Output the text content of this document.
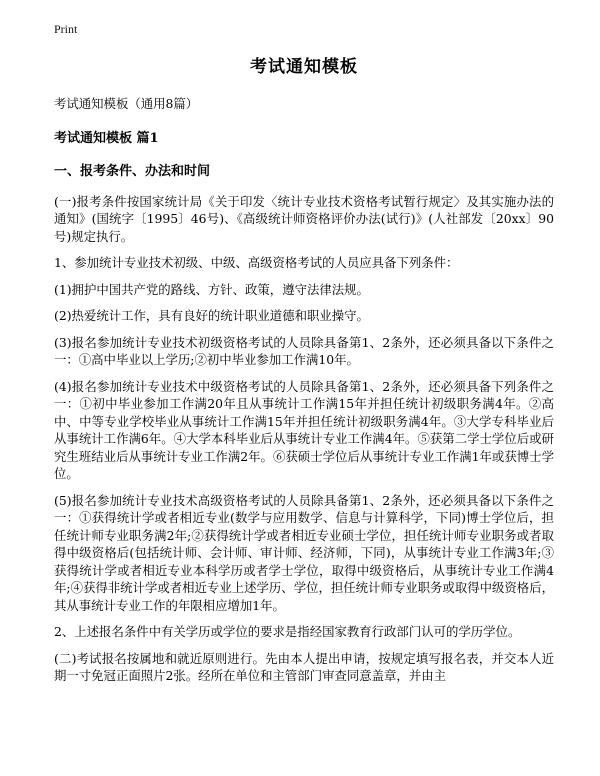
Print
考试通知模板
考试通知模板（通用8篇）
考试通知模板 篇1
一、报考条件、办法和时间
(一)报考条件按国家统计局《关于印发〈统计专业技术资格考试暂行规定〉及其实施办法的通知》(国统字〔1995〕46号)、《高级统计师资格评价办法(试行)》(人社部发〔20xx〕90号)规定执行。
1、参加统计专业技术初级、中级、高级资格考试的人员应具备下列条件：
(1)拥护中国共产党的路线、方针、政策，遵守法律法规。
(2)热爱统计工作，具有良好的统计职业道德和职业操守。
(3)报名参加统计专业技术初级资格考试的人员除具备第1、2条外，还必须具备以下条件之一：①高中毕业以上学历;②初中毕业参加工作满10年。
(4)报名参加统计专业技术中级资格考试的人员除具备第1、2条外，还必须具备下列条件之一：①初中毕业参加工作满20年且从事统计工作满15年并担任统计初级职务满4年。②高中、中等专业学校毕业从事统计工作满15年并担任统计初级职务满4年。③大学专科毕业后从事统计工作满6年。④大学本科毕业后从事统计专业工作满4年。⑤获第二学士学位后或研究生班结业后从事统计专业工作满2年。⑥获硕士学位后从事统计专业工作满1年或获博士学位。
(5)报名参加统计专业技术高级资格考试的人员除具备第1、2条外，还必须具备以下条件之一：①获得统计学或者相近专业(数学与应用数学、信息与计算科学，下同)博士学位后，担任统计师专业职务满2年;②获得统计学或者相近专业硕士学位，担任统计师专业职务或者取得中级资格后(包括统计师、会计师、审计师、经济师，下同)，从事统计专业工作满3年;③获得统计学或者相近专业本科学历或者学士学位，取得中级资格后，从事统计专业工作满4年;④获得非统计学或者相近专业上述学历、学位，担任统计师专业职务或取得中级资格后，其从事统计专业工作的年限相应增加1年。
2、上述报名条件中有关学历或学位的要求是指经国家教育行政部门认可的学历学位。
(二)考试报名按属地和就近原则进行。先由本人提出申请，按规定填写报名表，并交本人近期一寸免冠正面照片2张。经所在单位和主管部门审查同意盖章，并由主
